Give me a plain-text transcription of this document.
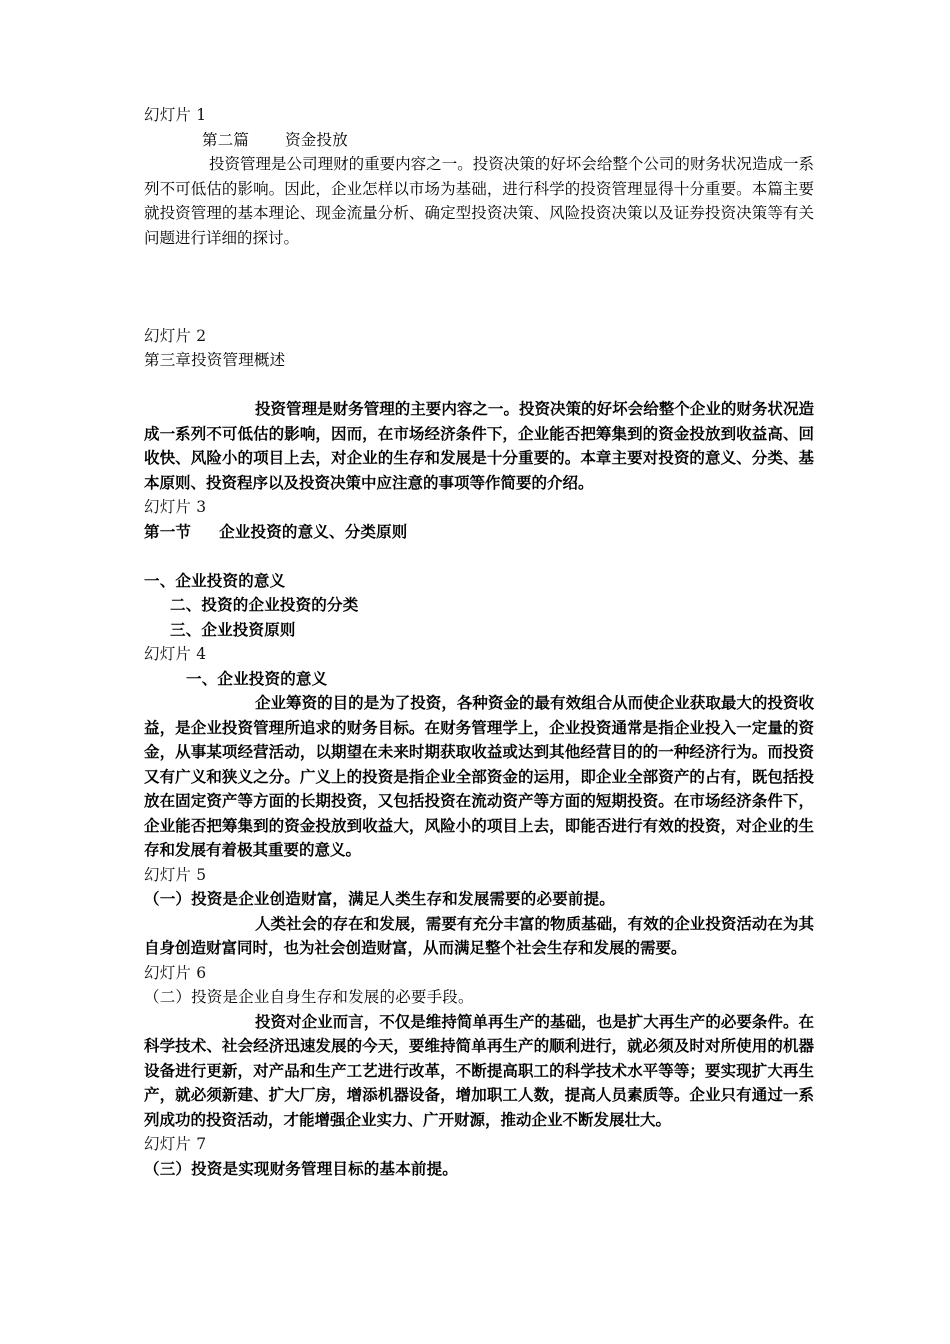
幻灯片 1
第二篇 资金投放
投资管理是公司理财的重要内容之一。投资决策的好坏会给整个公司的财务状况造成一系列不可低估的影响。因此，企业怎样以市场为基础，进行科学的投资管理显得十分重要。本篇主要就投资管理的基本理论、现金流量分析、确定型投资决策、风险投资决策以及证券投资决策等有关问题进行详细的探讨。
幻灯片 2
第三章投资管理概述
投资管理是财务管理的主要内容之一。投资决策的好坏会给整个企业的财务状况造成一系列不可低估的影响，因而，在市场经济条件下，企业能否把筹集到的资金投放到收益高、回收快、风险小的项目上去，对企业的生存和发展是十分重要的。本章主要对投资的意义、分类、基本原则、投资程序以及投资决策中应注意的事项等作简要的介绍。
幻灯片 3
第一节 企业投资的意义、分类原则
一、企业投资的意义
二、投资的企业投资的分类
三、企业投资原则
幻灯片 4
一、企业投资的意义
企业筹资的目的是为了投资，各种资金的最有效组合从而使企业获取最大的投资收益，是企业投资管理所追求的财务目标。在财务管理学上，企业投资通常是指企业投入一定量的资金，从事某项经营活动，以期望在未来时期获取收益或达到其他经营目的的一种经济行为。而投资又有广义和狭义之分。广义上的投资是指企业全部资金的运用，即企业全部资产的占有，既包括投放在固定资产等方面的长期投资，又包括投资在流动资产等方面的短期投资。在市场经济条件下，企业能否把筹集到的资金投放到收益大，风险小的项目上去，即能否进行有效的投资，对企业的生存和发展有着极其重要的意义。
幻灯片 5
（一）投资是企业创造财富，满足人类生存和发展需要的必要前提。
人类社会的存在和发展，需要有充分丰富的物质基础，有效的企业投资活动在为其自身创造财富同时，也为社会创造财富，从而满足整个社会生存和发展的需要。
幻灯片 6
（二）投资是企业自身生存和发展的必要手段。
投资对企业而言，不仅是维持简单再生产的基础，也是扩大再生产的必要条件。在科学技术、社会经济迅速发展的今天，要维持简单再生产的顺利进行，就必须及时对所使用的机器设备进行更新，对产品和生产工艺进行改革，不断提高职工的科学技术水平等等；要实现扩大再生产，就必须新建、扩大厂房，增添机器设备，增加职工人数，提高人员素质等。企业只有通过一系列成功的投资活动，才能增强企业实力、广开财源，推动企业不断发展壮大。
幻灯片 7
（三）投资是实现财务管理目标的基本前提。
